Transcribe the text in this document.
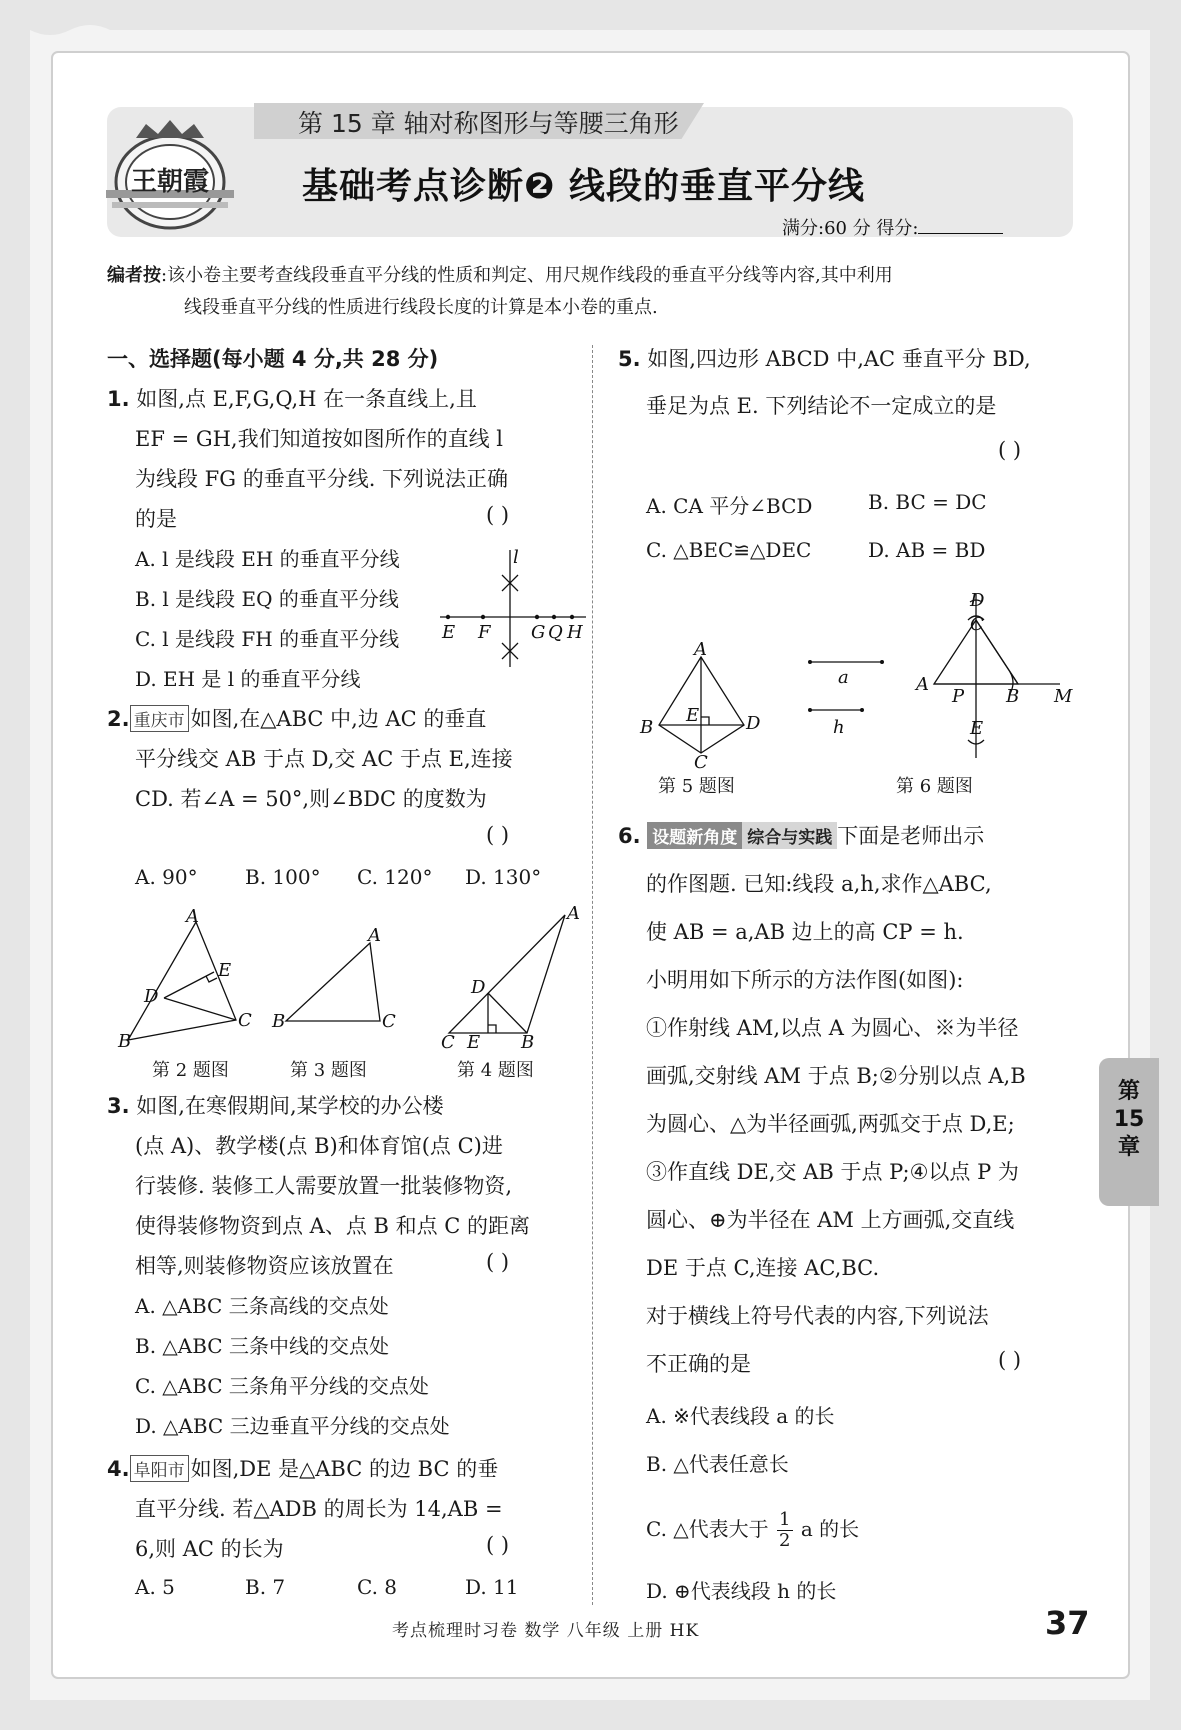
第 15 章 轴对称图形与等腰三角形
王朝霞	基础考点诊断❷ 线段的垂直平分线
满分:60 分 得分:
编者按:该小卷主要考查线段垂直平分线的性质和判定、用尺规作线段的垂直平分线等内容,其中利用
线段垂直平分线的性质进行线段长度的计算是本小卷的重点.
一、选择题(每小题 4 分,共 28 分)
1. 如图,点 E,F,G,Q,H 在一条直线上,且
EF = GH,我们知道按如图所作的直线 l
为线段 FG 的垂直平分线. 下列说法正确
的是	( )
A. l 是线段 EH 的垂直平分线
B. l 是线段 EQ 的垂直平分线
C. l 是线段 FH 的垂直平分线
D. EH 是 l 的垂直平分线
l
E F G Q H
2. 重庆市 如图,在△ABC 中,边 AC 的垂直
平分线交 AB 于点 D,交 AC 于点 E,连接
CD. 若∠A = 50°,则∠BDC 的度数为
( )
A. 90° B. 100° C. 120° D. 130°
A
E
D
C
B
A
B	C
A
D
C E B
第 2 题图	第 3 题图	第 4 题图
3. 如图,在寒假期间,某学校的办公楼
(点 A)、教学楼(点 B)和体育馆(点 C)进
行装修. 装修工人需要放置一批装修物资,
使得装修物资到点 A、点 B 和点 C 的距离
相等,则装修物资应该放置在	( )
A. △ABC 三条高线的交点处
B. △ABC 三条中线的交点处
C. △ABC 三条角平分线的交点处
D. △ABC 三边垂直平分线的交点处
4. 阜阳市 如图,DE 是△ABC 的边 BC 的垂
直平分线. 若△ADB 的周长为 14,AB =
6,则 AC 的长为	( )
A. 5	B. 7	C. 8	D. 11
5. 如图,四边形 ABCD 中,AC 垂直平分 BD,
垂足为点 E. 下列结论不一定成立的是
( )
A. CA 平分∠BCD	B. BC = DC
C. △BEC≌△DEC	D. AB = BD
A
B
E	D
C
a
h
D
C
A
P B M
E
第 5 题图	第 6 题图
6. 设题新角度 综合与实践 下面是老师出示
的作图题. 已知:线段 a,h,求作△ABC,
使 AB = a,AB 边上的高 CP = h.
小明用如下所示的方法作图(如图):
①作射线 AM,以点 A 为圆心、※为半径
画弧,交射线 AM 于点 B;②分别以点 A,B
为圆心、△为半径画弧,两弧交于点 D,E;
③作直线 DE,交 AB 于点 P;④以点 P 为
圆心、⊕为半径在 AM 上方画弧,交直线
DE 于点 C,连接 AC,BC.
对于横线上符号代表的内容,下列说法
不正确的是	( )
A. ※代表线段 a 的长
B. △代表任意长
C. △代表大于 $\frac{1}{2}$ a 的长
D. ⊕代表线段 h 的长
第
15
章
考点梳理时习卷 数学 八年级 上册 HK	37
